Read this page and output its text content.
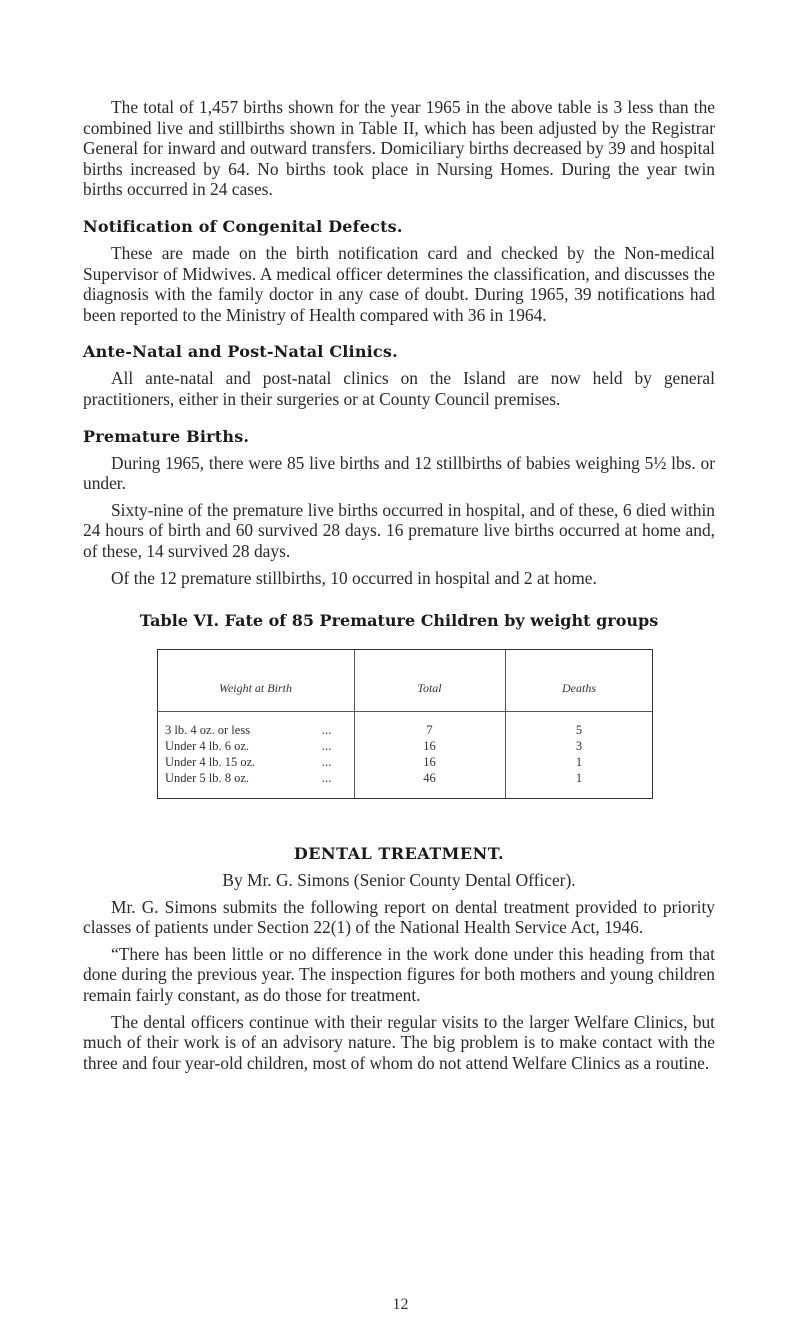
The total of 1,457 births shown for the year 1965 in the above table is 3 less than the combined live and stillbirths shown in Table II, which has been adjusted by the Registrar General for inward and outward transfers. Domiciliary births decreased by 39 and hospital births increased by 64. No births took place in Nursing Homes. During the year twin births occurred in 24 cases.

Notification of Congenital Defects.

These are made on the birth notification card and checked by the Non-medical Supervisor of Midwives. A medical officer determines the classification, and discusses the diagnosis with the family doctor in any case of doubt. During 1965, 39 notifications had been reported to the Ministry of Health compared with 36 in 1964.

Ante-Natal and Post-Natal Clinics.

All ante-natal and post-natal clinics on the Island are now held by general practitioners, either in their surgeries or at County Council premises.

Premature Births.

During 1965, there were 85 live births and 12 stillbirths of babies weighing 5½ lbs. or under.

Sixty-nine of the premature live births occurred in hospital, and of these, 6 died within 24 hours of birth and 60 survived 28 days. 16 premature live births occurred at home and, of these, 14 survived 28 days.

Of the 12 premature stillbirths, 10 occurred in hospital and 2 at home.

Table VI. Fate of 85 Premature Children by weight groups
Weight at Birth	Total	Deaths
3 lb. 4 oz. or less	...	7	5
Under 4 lb. 6 oz.	...	16	3
Under 4 lb. 15 oz.	...	16	1
Under 5 lb. 8 oz.	...	46	1
DENTAL TREATMENT.

By Mr. G. Simons (Senior County Dental Officer).

Mr. G. Simons submits the following report on dental treatment provided to priority classes of patients under Section 22(1) of the National Health Service Act, 1946.

“There has been little or no difference in the work done under this heading from that done during the previous year. The inspection figures for both mothers and young children remain fairly constant, as do those for treatment.

The dental officers continue with their regular visits to the larger Welfare Clinics, but much of their work is of an advisory nature. The big problem is to make contact with the three and four year-old children, most of whom do not attend Welfare Clinics as a routine.

12
